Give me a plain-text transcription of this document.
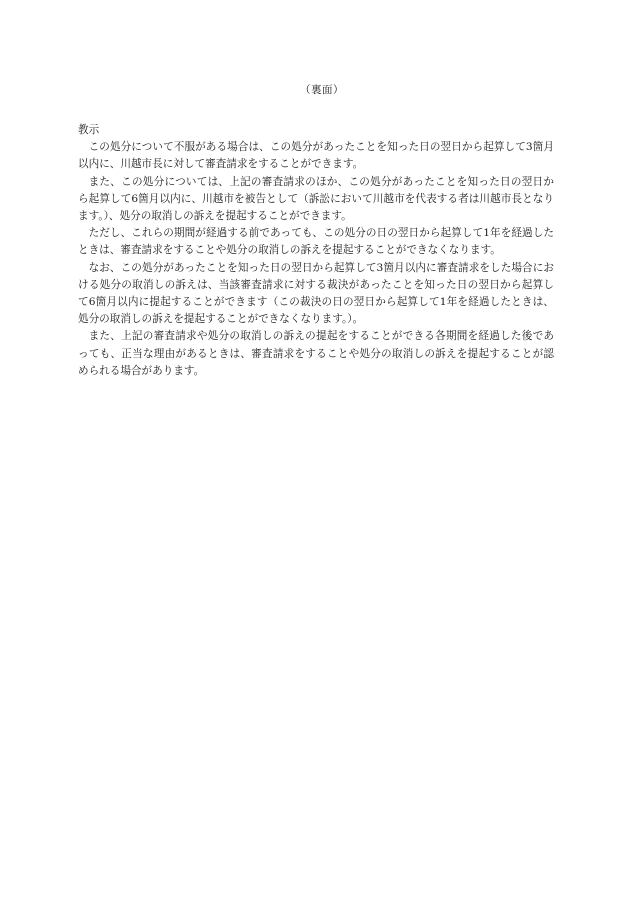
（裏面）
教示

この処分について不服がある場合は、この処分があったことを知った日の翌日から起算して3箇月以内に、川越市長に対して審査請求をすることができます。

また、この処分については、上記の審査請求のほか、この処分があったことを知った日の翌日から起算して6箇月以内に、川越市を被告として（訴訟において川越市を代表する者は川越市長となります。）、処分の取消しの訴えを提起することができます。

ただし、これらの期間が経過する前であっても、この処分の日の翌日から起算して1年を経過したときは、審査請求をすることや処分の取消しの訴えを提起することができなくなります。

なお、この処分があったことを知った日の翌日から起算して3箇月以内に審査請求をした場合における処分の取消しの訴えは、当該審査請求に対する裁決があったことを知った日の翌日から起算して6箇月以内に提起することができます（この裁決の日の翌日から起算して1年を経過したときは、処分の取消しの訴えを提起することができなくなります。）。

また、上記の審査請求や処分の取消しの訴えの提起をすることができる各期間を経過した後であっても、正当な理由があるときは、審査請求をすることや処分の取消しの訴えを提起することが認められる場合があります。
